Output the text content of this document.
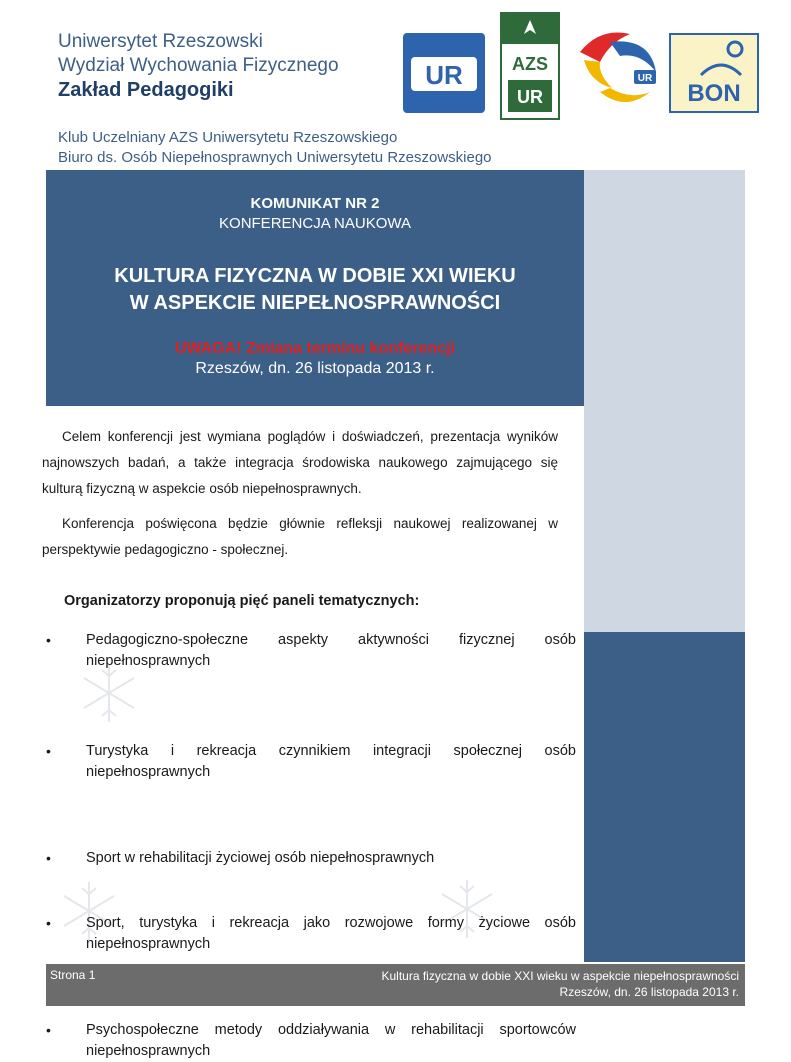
Uniwersytet Rzeszowski
Wydział Wychowania Fizycznego
Zakład Pedagogiki
Klub Uczelniany AZS Uniwersytetu Rzeszowskiego
Biuro ds. Osób Niepełnosprawnych Uniwersytetu Rzeszowskiego
UR	AZS
UR
UR
BON
KOMUNIKAT NR 2
KONFERENCJA NAUKOWA
KULTURA FIZYCZNA W DOBIE XXI WIEKU
W ASPEKCIE NIEPEŁNOSPRAWNOŚCI
UWAGA! Zmiana terminu konferencji
Rzeszów, dn. 26 listopada 2013 r.
Celem konferencji jest wymiana poglądów i doświadczeń, prezentacja wyników najnowszych badań, a także integracja środowiska naukowego zajmującego się kulturą fizyczną w aspekcie osób niepełnosprawnych.
Konferencja poświęcona będzie głównie refleksji naukowej realizowanej w perspektywie pedagogiczno - społecznej.
Organizatorzy proponują pięć paneli tematycznych:
• Pedagogiczno-społeczne aspekty aktywności fizycznej osób niepełnosprawnych
• Turystyka i rekreacja czynnikiem integracji społecznej osób niepełnosprawnych
• Sport w rehabilitacji życiowej osób niepełnosprawnych
• Sport, turystyka i rekreacja jako rozwojowe formy życiowe osób niepełnosprawnych
• Psychospołeczne metody oddziaływania w rehabilitacji sportowców niepełnosprawnych
Strona 1	Kultura fizyczna w dobie XXI wieku w aspekcie niepełnosprawności
Rzeszów, dn. 26 listopada 2013 r.
